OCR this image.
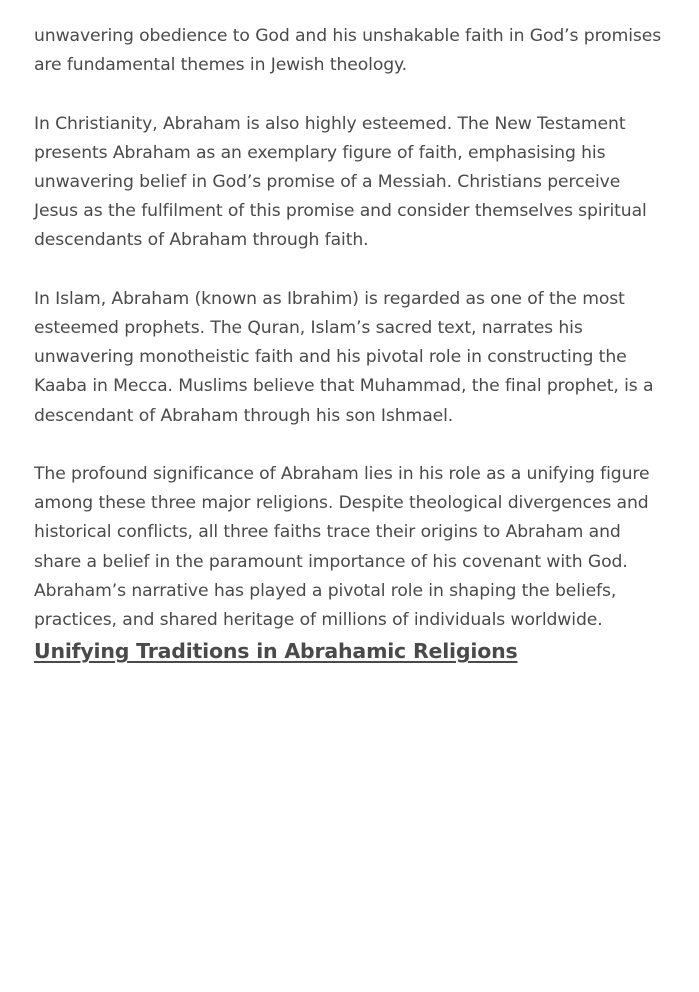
unwavering obedience to God and his unshakable faith in God’s promises are fundamental themes in Jewish theology.

In Christianity, Abraham is also highly esteemed. The New Testament presents Abraham as an exemplary figure of faith, emphasising his unwavering belief in God’s promise of a Messiah. Christians perceive Jesus as the fulfilment of this promise and consider themselves spiritual descendants of Abraham through faith.

In Islam, Abraham (known as Ibrahim) is regarded as one of the most esteemed prophets. The Quran, Islam’s sacred text, narrates his unwavering monotheistic faith and his pivotal role in constructing the Kaaba in Mecca. Muslims believe that Muhammad, the final prophet, is a descendant of Abraham through his son Ishmael.

The profound significance of Abraham lies in his role as a unifying figure among these three major religions. Despite theological divergences and historical conflicts, all three faiths trace their origins to Abraham and share a belief in the paramount importance of his covenant with God. Abraham’s narrative has played a pivotal role in shaping the beliefs, practices, and shared heritage of millions of individuals worldwide.

Unifying Traditions in Abrahamic Religions
